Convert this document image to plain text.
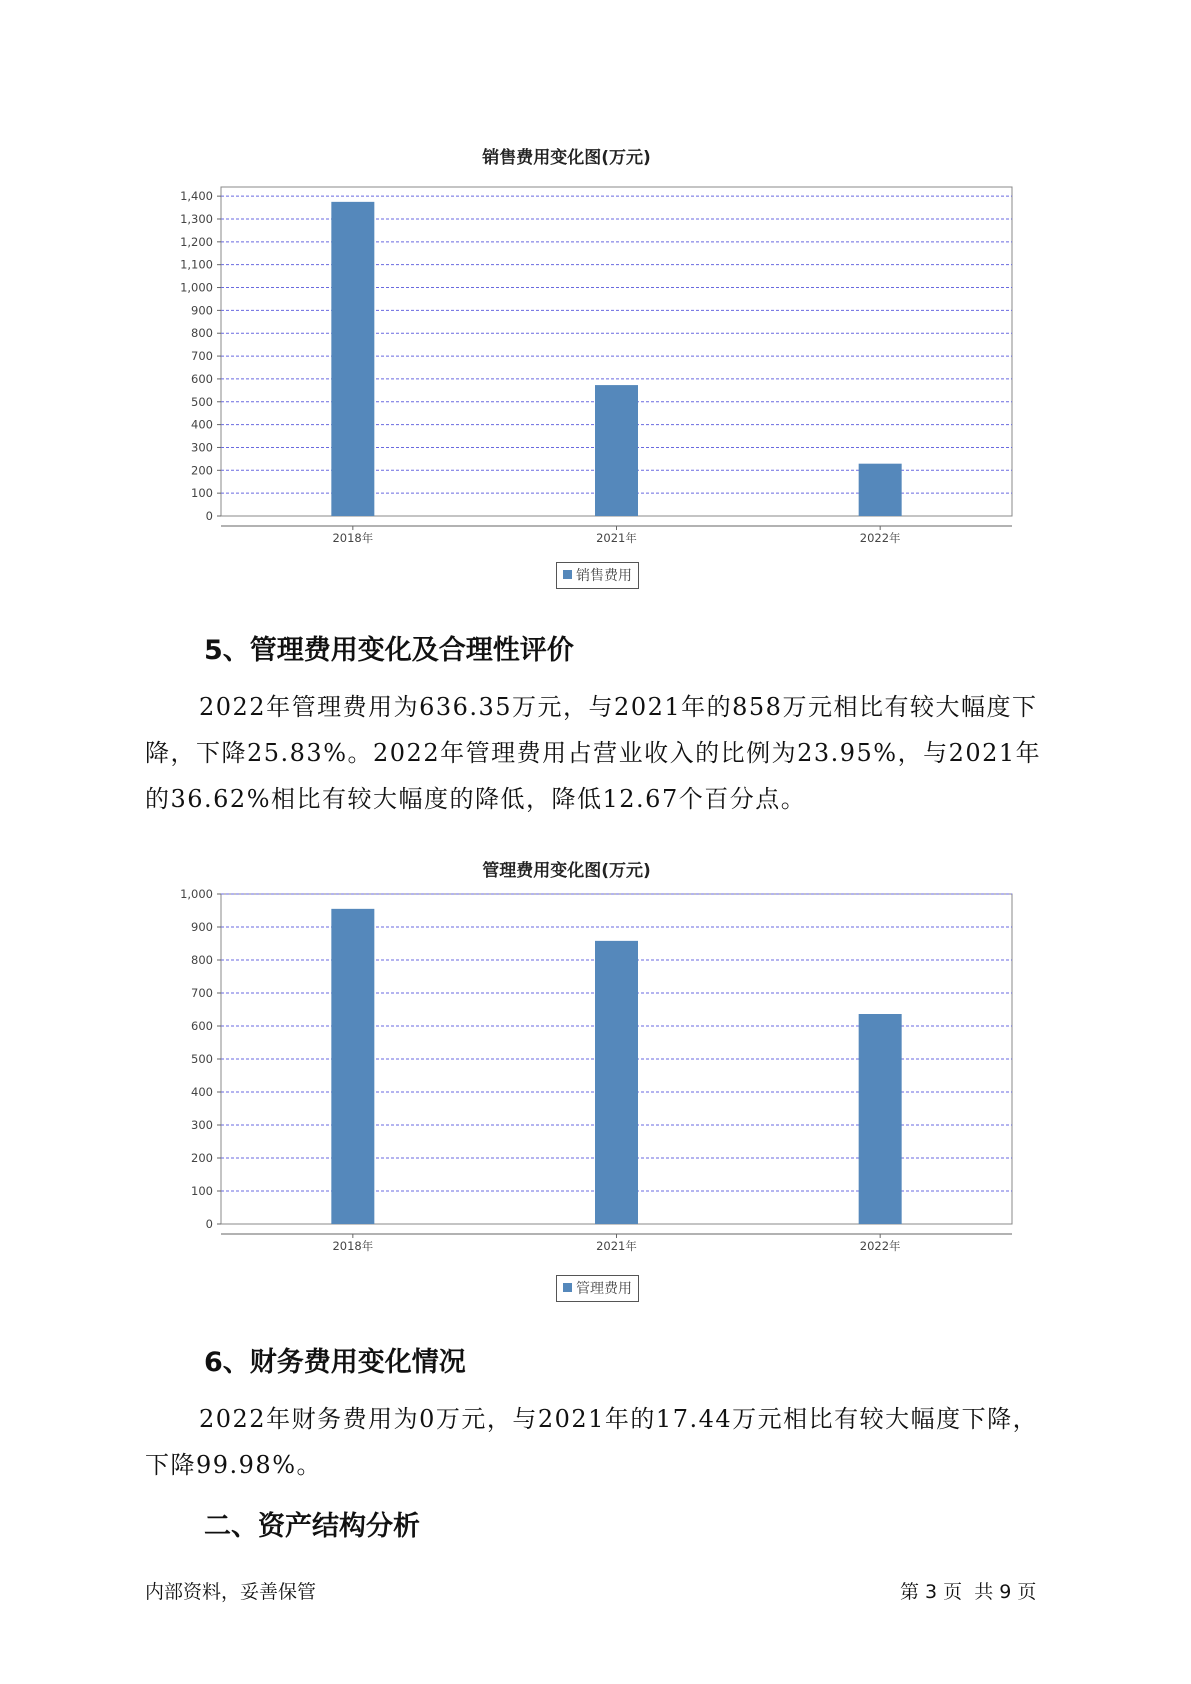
销售费用变化图(万元)
0
100
200
300
400
500
600
700
800
900
1,000
1,100
1,200
1,300
1,400
2018年	2021年	2022年
销售费用
5、管理费用变化及合理性评价
2022年管理费用为636.35万元，与2021年的858万元相比有较大幅度下降，下降25.83%。2022年管理费用占营业收入的比例为23.95%，与2021年的36.62%相比有较大幅度的降低，降低12.67个百分点。
管理费用变化图(万元)
0
100
200
300
400
500
600
700
800
900
1,000
2018年	2021年	2022年
管理费用
6、财务费用变化情况
2022年财务费用为0万元，与2021年的17.44万元相比有较大幅度下降，下降99.98%。
二、资产结构分析
内部资料，妥善保管	第 3 页  共 9 页
